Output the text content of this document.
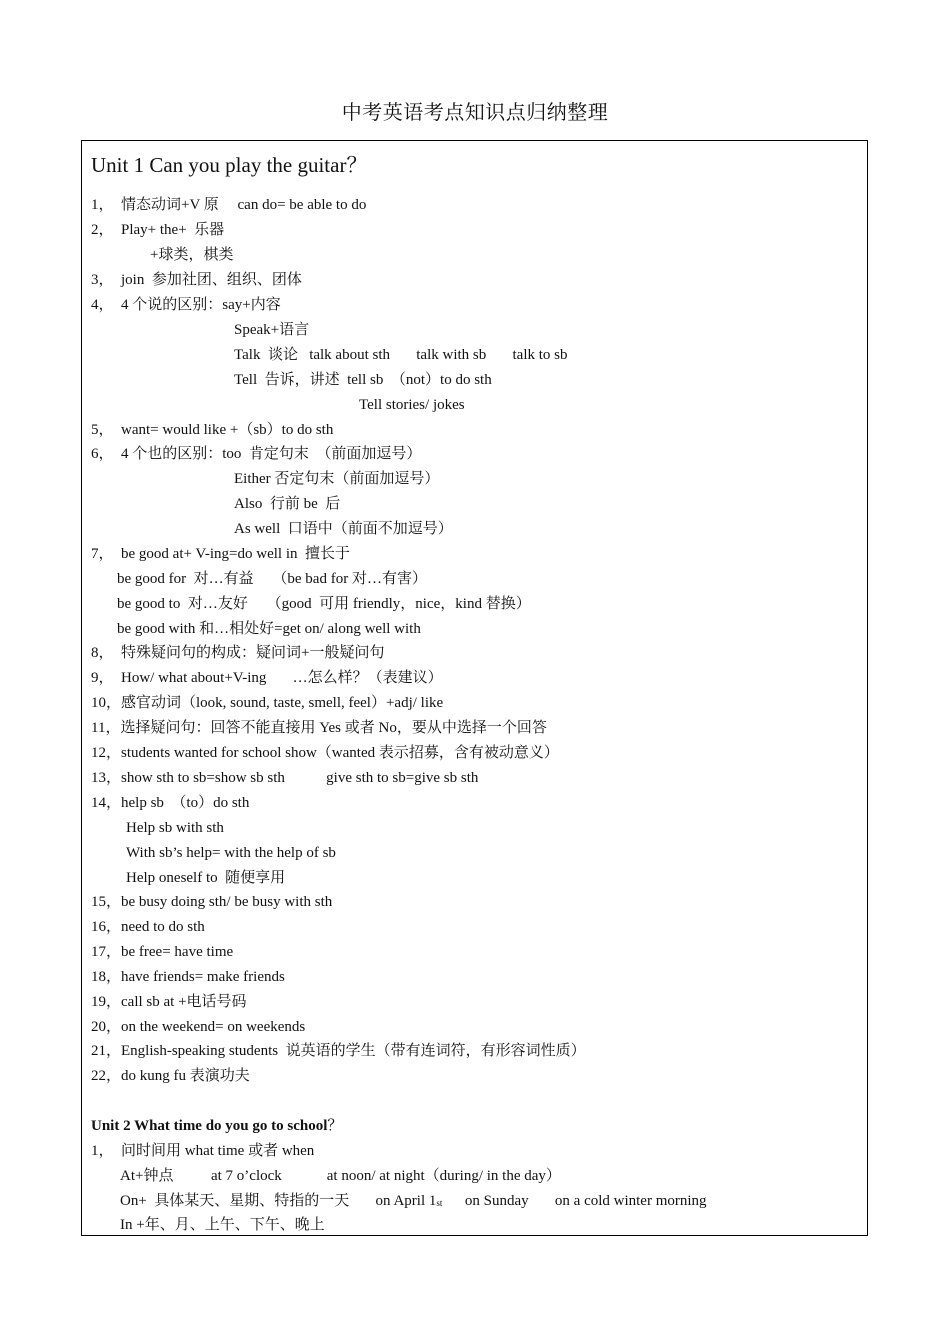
中考英语考点知识点归纳整理
Unit 1 Can you play the guitar？
1，  情态动词+V 原     can do= be able to do
2，  Play+ the+  乐器
+球类，棋类
3，  join  参加社团、组织、团体
4，  4 个说的区别：say+内容
Speak+语言
Talk  谈论   talk about sth       talk with sb       talk to sb
Tell  告诉，讲述  tell sb  （not）to do sth
Tell stories/ jokes
5，  want= would like +（sb）to do sth
6，  4 个也的区别：too  肯定句末  （前面加逗号）
Either 否定句末（前面加逗号）
Also  行前 be  后
As well  口语中（前面不加逗号）
7，  be good at+ V-ing=do well in  擅长于
be good for  对…有益     （be bad for 对…有害）
be good to  对…友好     （good  可用 friendly，nice，kind 替换）
be good with 和…相处好=get on/ along well with
8，  特殊疑问句的构成：疑问词+一般疑问句
9，  How/ what about+V-ing       …怎么样？（表建议）
10，感官动词（look, sound, taste, smell, feel）+adj/ like
11，选择疑问句：回答不能直接用 Yes 或者 No，要从中选择一个回答
12，students wanted for school show（wanted 表示招募，含有被动意义）
13，show sth to sb=show sb sth           give sth to sb=give sb sth
14，help sb  （to）do sth
Help sb with sth
With sb’s help= with the help of sb
Help oneself to  随便享用
15，be busy doing sth/ be busy with sth
16，need to do sth
17，be free= have time
18，have friends= make friends
19，call sb at +电话号码
20，on the weekend= on weekends
21，English-speaking students  说英语的学生（带有连词符，有形容词性质）
22，do kung fu 表演功夫
Unit 2 What time do you go to school？
1，  问时间用 what time 或者 when
At+钟点          at 7 o’clock            at noon/ at night（during/ in the day）
On+  具体某天、星期、特指的一天       on April 1st      on Sunday       on a cold winter morning
In +年、月、上午、下午、晚上
